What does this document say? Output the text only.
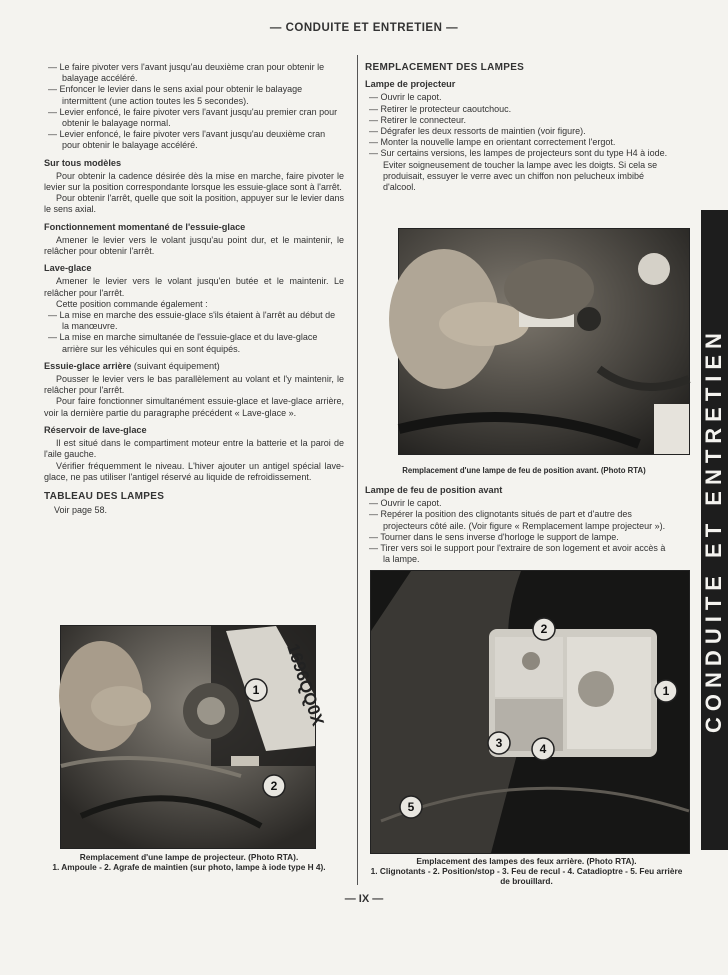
— CONDUITE ET ENTRETIEN —

— Le faire pivoter vers l'avant jusqu'au deuxième cran pour obtenir le balayage accéléré.

— Enfoncer le levier dans le sens axial pour obtenir le balayage intermittent (une action toutes les 5 secondes).

— Levier enfoncé, le faire pivoter vers l'avant jusqu'au premier cran pour obtenir le balayage normal.

— Levier enfoncé, le faire pivoter vers l'avant jusqu'au deuxième cran pour obtenir le balayage accéléré.

Sur tous modèles

Pour obtenir la cadence désirée dès la mise en marche, faire pivoter le levier sur la position correspondante lorsque les essuie-glace sont à l'arrêt.

Pour obtenir l'arrêt, quelle que soit la position, appuyer sur le levier dans le sens axial.

Fonctionnement momentané de l'essuie-glace

Amener le levier vers le volant jusqu'au point dur, et le maintenir, le relâcher pour obtenir l'arrêt.

Lave-glace

Amener le levier vers le volant jusqu'en butée et le maintenir. Le relâcher pour l'arrêt.

Cette position commande également :

— La mise en marche des essuie-glace s'ils étaient à l'arrêt au début de la manœuvre.

— La mise en marche simultanée de l'essuie-glace et du lave-glace arrière sur les véhicules qui en sont équipés.

Essuie-glace arrière (suivant équipement)

Pousser le levier vers le bas parallèlement au volant et l'y maintenir, le relâcher pour l'arrêt.

Pour faire fonctionner simultanément essuie-glace et lave-glace arrière, voir la dernière partie du paragraphe précédent « Lave-glace ».

Réservoir de lave-glace

Il est situé dans le compartiment moteur entre la batterie et la paroi de l'aile gauche.

Vérifier fréquemment le niveau. L'hiver ajouter un antigel spécial lave-glace, ne pas utiliser l'antigel réservé au liquide de refroidissement.

TABLEAU DES LAMPES

Voir page 58.

1696QQ0X
1
2
Remplacement d'une lampe de projecteur. (Photo RTA).
1. Ampoule - 2. Agrafe de maintien (sur photo, lampe à iode type H 4).
REMPLACEMENT DES LAMPES
Lampe de projecteur

— Ouvrir le capot.

— Retirer le protecteur caoutchouc.

— Retirer le connecteur.

— Dégrafer les deux ressorts de maintien (voir figure).

— Monter la nouvelle lampe en orientant correctement l'ergot.

— Sur certains versions, les lampes de projecteurs sont du type H4 à iode. Eviter soigneusement de toucher la lampe avec les doigts. Si cela se produisait, essuyer le verre avec un chiffon non pelucheux imbibé d'alcool.

Remplacement d'une lampe de feu de position avant. (Photo RTA)
Lampe de feu de position avant

— Ouvrir le capot.

— Repérer la position des clignotants situés de part et d'autre des projecteurs côté aile. (Voir figure « Remplacement lampe projecteur »).

— Tourner dans le sens inverse d'horloge le support de lampe.

— Tirer vers soi le support pour l'extraire de son logement et avoir accès à la lampe.

2
1
3	4
5
Emplacement des lampes des feux arrière. (Photo RTA).
1. Clignotants - 2. Position/stop - 3. Feu de recul - 4. Catadioptre - 5. Feu arrière de brouillard.
CONDUITE ET ENTRETIEN
— IX —
